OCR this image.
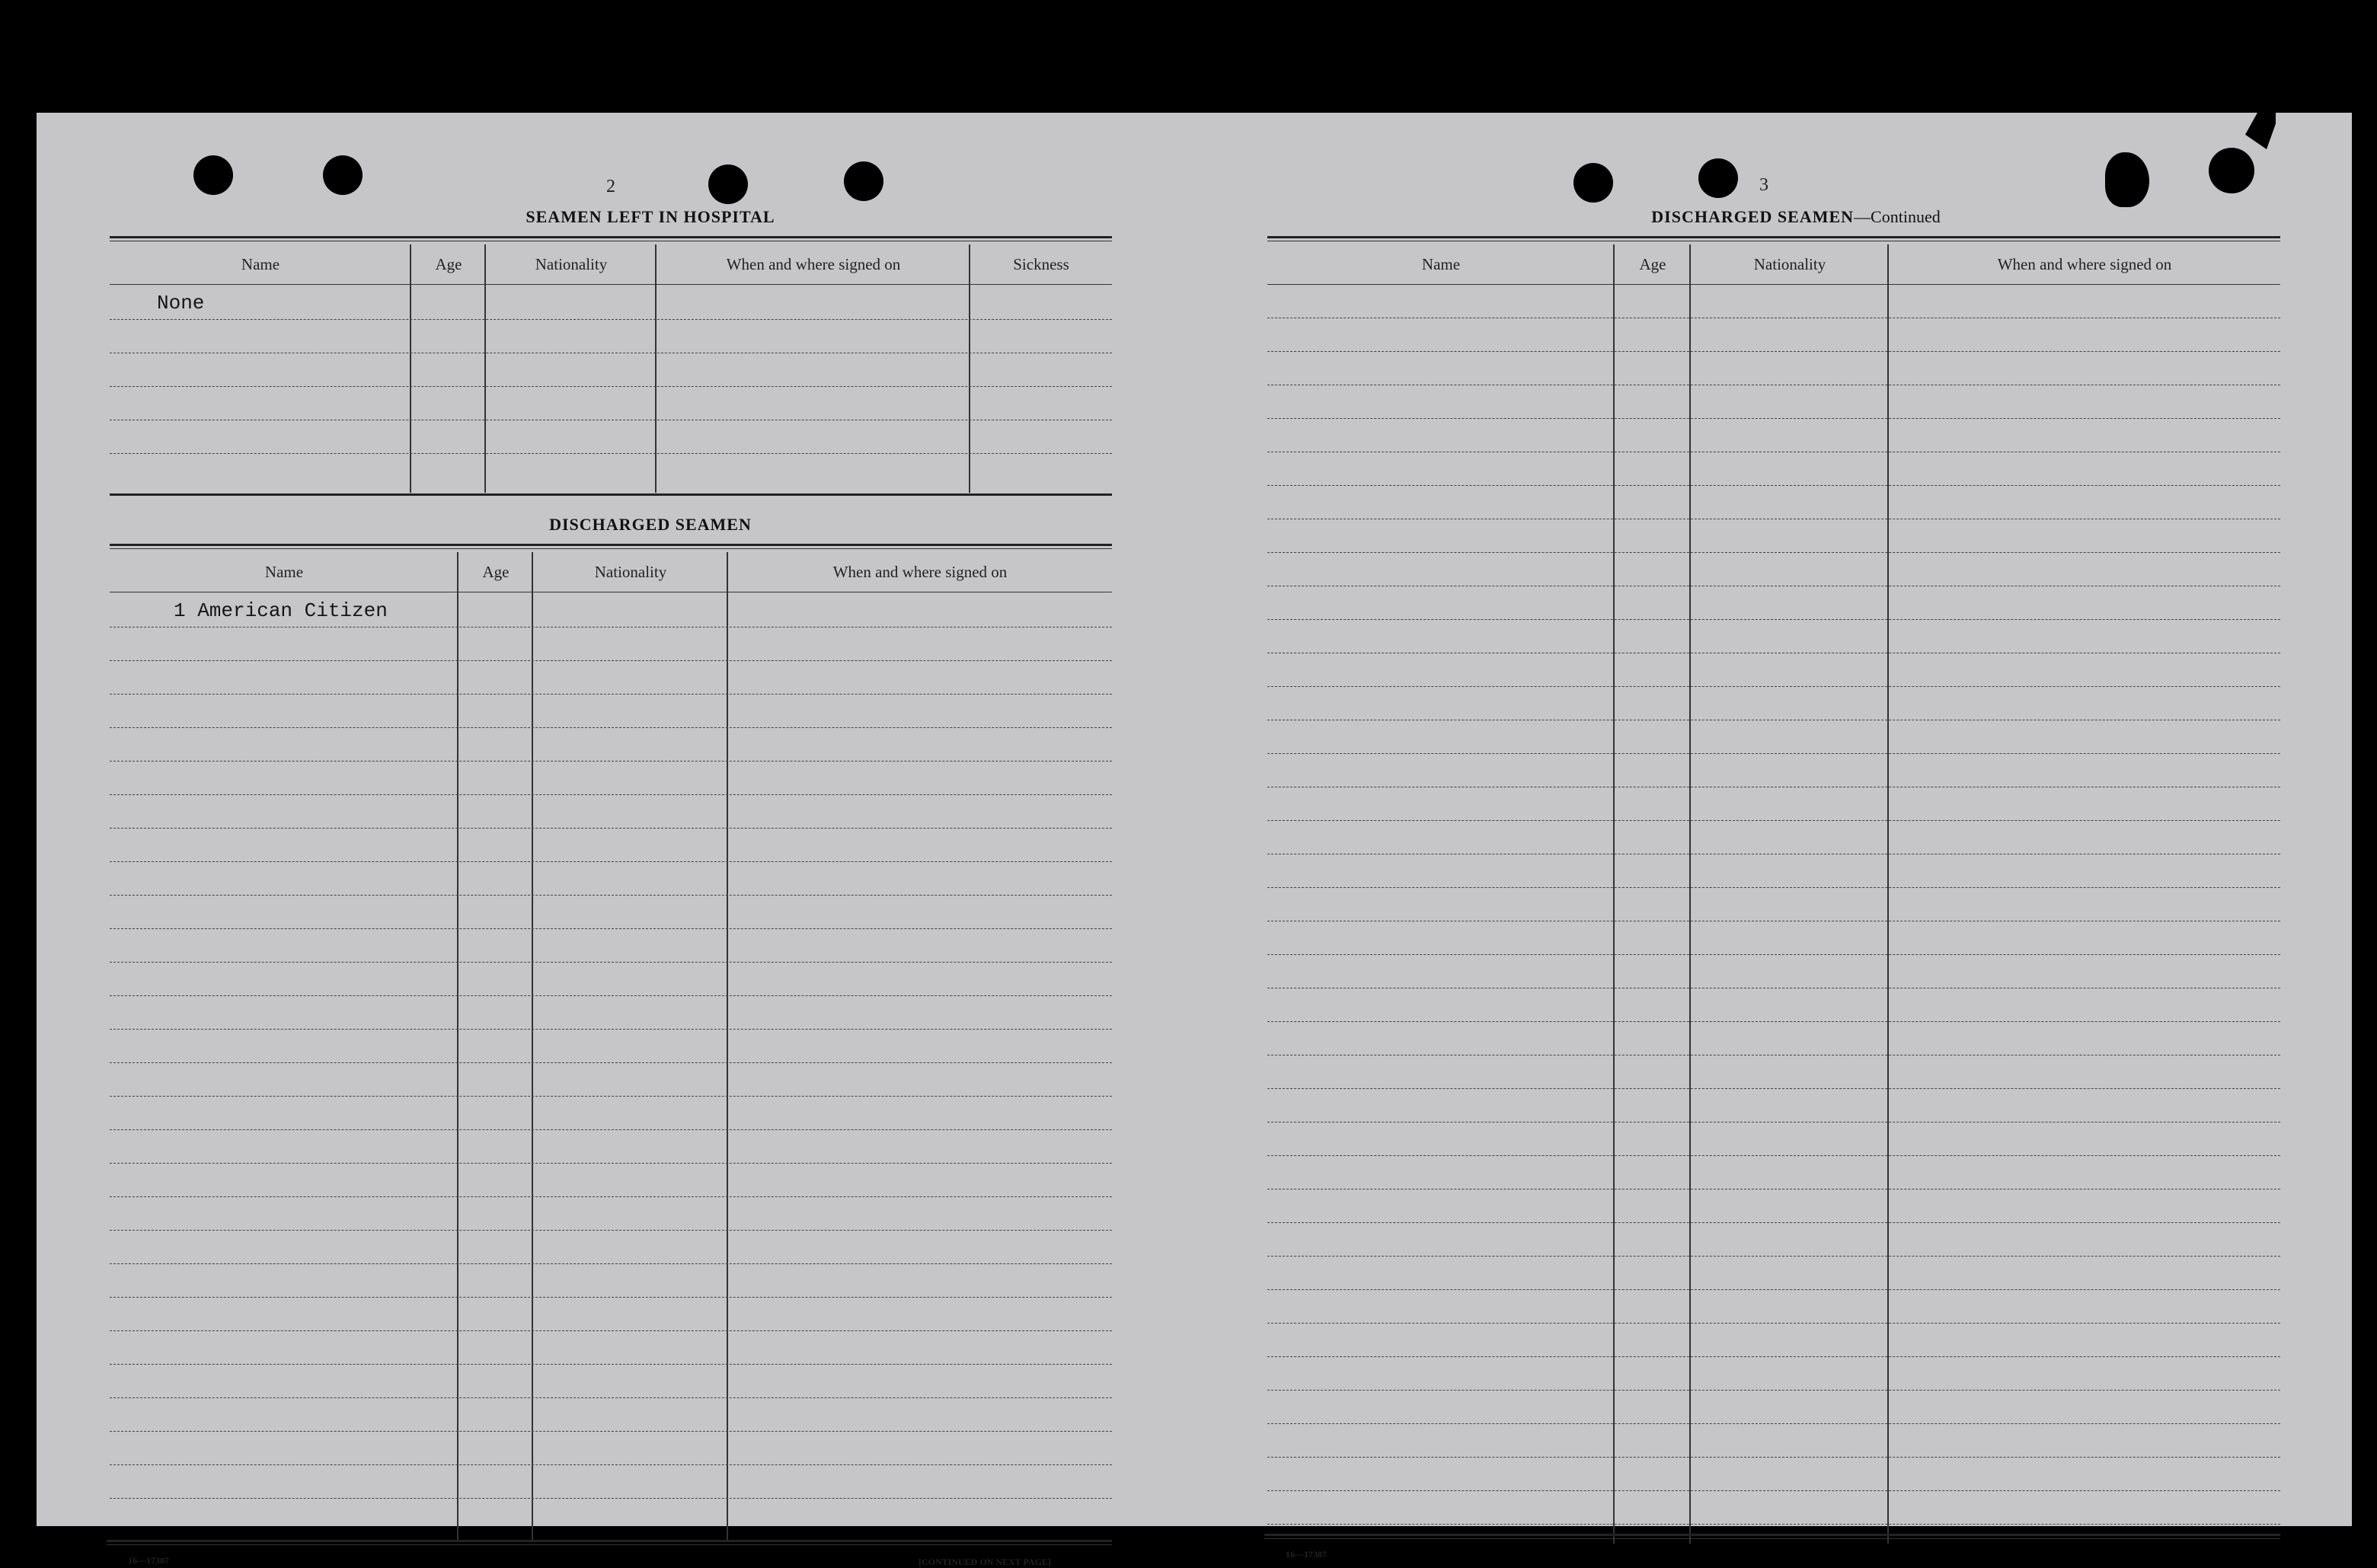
2
SEAMEN LEFT IN HOSPITAL
Name	Age	Nationality	When and where signed on	Sickness
None
DISCHARGED SEAMEN
Name	Age	Nationality	When and where signed on
1 American Citizen
16—17387	[CONTINUED ON NEXT PAGE]
3
DISCHARGED SEAMEN—Continued
Name	Age	Nationality	When and where signed on
16—17387
